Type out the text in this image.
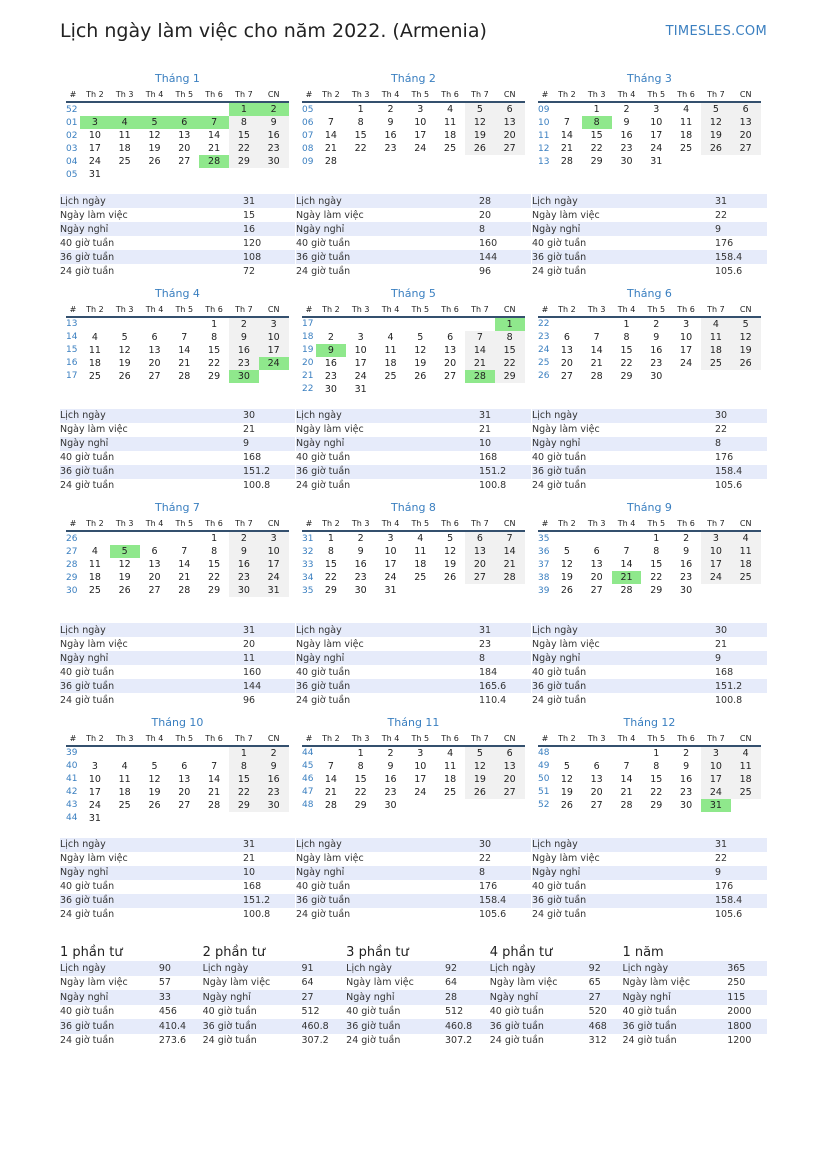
Lịch ngày làm việc cho năm 2022. (Armenia)	TIMESLES.COM
Tháng 1
#	Th 2	Th 3	Th 4	Th 5	Th 6	Th 7	CN
52						1	2
01	3	4	5	6	7	8	9
02	10	11	12	13	14	15	16
03	17	18	19	20	21	22	23
04	24	25	26	27	28	29	30
05	31						
Lịch ngày	31
Ngày làm việc	15
Ngày nghỉ	16
40 giờ tuần	120
36 giờ tuần	108
24 giờ tuần	72
Tháng 2
#	Th 2	Th 3	Th 4	Th 5	Th 6	Th 7	CN
05		1	2	3	4	5	6
06	7	8	9	10	11	12	13
07	14	15	16	17	18	19	20
08	21	22	23	24	25	26	27
09	28						
Lịch ngày	28
Ngày làm việc	20
Ngày nghỉ	8
40 giờ tuần	160
36 giờ tuần	144
24 giờ tuần	96
Tháng 3
#	Th 2	Th 3	Th 4	Th 5	Th 6	Th 7	CN
09		1	2	3	4	5	6
10	7	8	9	10	11	12	13
11	14	15	16	17	18	19	20
12	21	22	23	24	25	26	27
13	28	29	30	31			
Lịch ngày	31
Ngày làm việc	22
Ngày nghỉ	9
40 giờ tuần	176
36 giờ tuần	158.4
24 giờ tuần	105.6
Tháng 4
#	Th 2	Th 3	Th 4	Th 5	Th 6	Th 7	CN
13					1	2	3
14	4	5	6	7	8	9	10
15	11	12	13	14	15	16	17
16	18	19	20	21	22	23	24
17	25	26	27	28	29	30	
Lịch ngày	30
Ngày làm việc	21
Ngày nghỉ	9
40 giờ tuần	168
36 giờ tuần	151.2
24 giờ tuần	100.8
Tháng 5
#	Th 2	Th 3	Th 4	Th 5	Th 6	Th 7	CN
17							1
18	2	3	4	5	6	7	8
19	9	10	11	12	13	14	15
20	16	17	18	19	20	21	22
21	23	24	25	26	27	28	29
22	30	31					
Lịch ngày	31
Ngày làm việc	21
Ngày nghỉ	10
40 giờ tuần	168
36 giờ tuần	151.2
24 giờ tuần	100.8
Tháng 6
#	Th 2	Th 3	Th 4	Th 5	Th 6	Th 7	CN
22			1	2	3	4	5
23	6	7	8	9	10	11	12
24	13	14	15	16	17	18	19
25	20	21	22	23	24	25	26
26	27	28	29	30			
Lịch ngày	30
Ngày làm việc	22
Ngày nghỉ	8
40 giờ tuần	176
36 giờ tuần	158.4
24 giờ tuần	105.6
Tháng 7
#	Th 2	Th 3	Th 4	Th 5	Th 6	Th 7	CN
26					1	2	3
27	4	5	6	7	8	9	10
28	11	12	13	14	15	16	17
29	18	19	20	21	22	23	24
30	25	26	27	28	29	30	31
Lịch ngày	31
Ngày làm việc	20
Ngày nghỉ	11
40 giờ tuần	160
36 giờ tuần	144
24 giờ tuần	96
Tháng 8
#	Th 2	Th 3	Th 4	Th 5	Th 6	Th 7	CN
31	1	2	3	4	5	6	7
32	8	9	10	11	12	13	14
33	15	16	17	18	19	20	21
34	22	23	24	25	26	27	28
35	29	30	31				
Lịch ngày	31
Ngày làm việc	23
Ngày nghỉ	8
40 giờ tuần	184
36 giờ tuần	165.6
24 giờ tuần	110.4
Tháng 9
#	Th 2	Th 3	Th 4	Th 5	Th 6	Th 7	CN
35				1	2	3	4
36	5	6	7	8	9	10	11
37	12	13	14	15	16	17	18
38	19	20	21	22	23	24	25
39	26	27	28	29	30		
Lịch ngày	30
Ngày làm việc	21
Ngày nghỉ	9
40 giờ tuần	168
36 giờ tuần	151.2
24 giờ tuần	100.8
Tháng 10
#	Th 2	Th 3	Th 4	Th 5	Th 6	Th 7	CN
39						1	2
40	3	4	5	6	7	8	9
41	10	11	12	13	14	15	16
42	17	18	19	20	21	22	23
43	24	25	26	27	28	29	30
44	31						
Lịch ngày	31
Ngày làm việc	21
Ngày nghỉ	10
40 giờ tuần	168
36 giờ tuần	151.2
24 giờ tuần	100.8
Tháng 11
#	Th 2	Th 3	Th 4	Th 5	Th 6	Th 7	CN
44		1	2	3	4	5	6
45	7	8	9	10	11	12	13
46	14	15	16	17	18	19	20
47	21	22	23	24	25	26	27
48	28	29	30				
Lịch ngày	30
Ngày làm việc	22
Ngày nghỉ	8
40 giờ tuần	176
36 giờ tuần	158.4
24 giờ tuần	105.6
Tháng 12
#	Th 2	Th 3	Th 4	Th 5	Th 6	Th 7	CN
48				1	2	3	4
49	5	6	7	8	9	10	11
50	12	13	14	15	16	17	18
51	19	20	21	22	23	24	25
52	26	27	28	29	30	31	
Lịch ngày	31
Ngày làm việc	22
Ngày nghỉ	9
40 giờ tuần	176
36 giờ tuần	158.4
24 giờ tuần	105.6
1 phần tư
Lịch ngày	90
Ngày làm việc	57
Ngày nghỉ	33
40 giờ tuần	456
36 giờ tuần	410.4
24 giờ tuần	273.6
2 phần tư
Lịch ngày	91
Ngày làm việc	64
Ngày nghỉ	27
40 giờ tuần	512
36 giờ tuần	460.8
24 giờ tuần	307.2
3 phần tư
Lịch ngày	92
Ngày làm việc	64
Ngày nghỉ	28
40 giờ tuần	512
36 giờ tuần	460.8
24 giờ tuần	307.2
4 phần tư
Lịch ngày	92
Ngày làm việc	65
Ngày nghỉ	27
40 giờ tuần	520
36 giờ tuần	468
24 giờ tuần	312
1 năm
Lịch ngày	365
Ngày làm việc	250
Ngày nghỉ	115
40 giờ tuần	2000
36 giờ tuần	1800
24 giờ tuần	1200
